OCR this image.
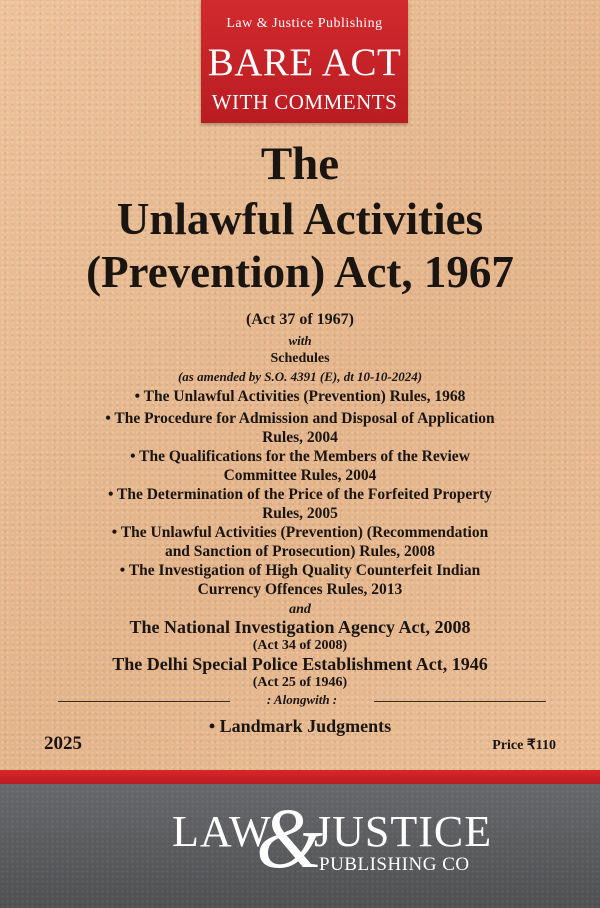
Law & Justice Publishing
BARE ACT
WITH COMMENTS
The
Unlawful Activities
(Prevention) Act, 1967
(Act 37 of 1967)
with
Schedules
(as amended by S.O. 4391 (E), dt 10-10-2024)
• The Unlawful Activities (Prevention) Rules, 1968
• The Procedure for Admission and Disposal of Application
Rules, 2004
• The Qualifications for the Members of the Review
Committee Rules, 2004
• The Determination of the Price of the Forfeited Property
Rules, 2005
• The Unlawful Activities (Prevention) (Recommendation
and Sanction of Prosecution) Rules, 2008
• The Investigation of High Quality Counterfeit Indian
Currency Offences Rules, 2013
and
The National Investigation Agency Act, 2008
(Act 34 of 2008)
The Delhi Special Police Establishment Act, 1946
(Act 25 of 1946)
: Alongwith :
• Landmark Judgments
2025	Price ₹110
LAW
&
JUSTICE
PUBLISHING CO
